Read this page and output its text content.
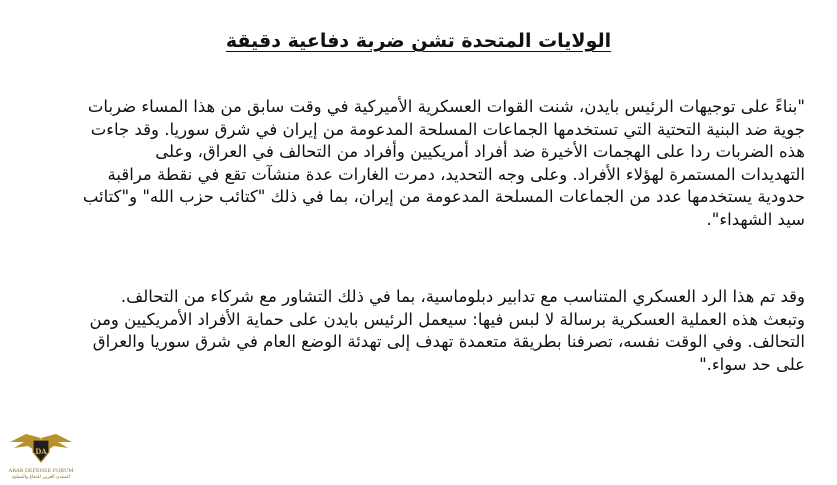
الولايات المتحدة تشن ضربة دفاعية دقيقة
"بناءً على توجيهات الرئيس بايدن، شنت القوات العسكرية الأميركية في وقت سابق من هذا المساء ضربات
جوية ضد البنية التحتية التي تستخدمها الجماعات المسلحة المدعومة من إيران في شرق سوريا. وقد جاءت
هذه الضربات ردا على الهجمات الأخيرة ضد أفراد أمريكيين وأفراد من التحالف في العراق، وعلى
التهديدات المستمرة لهؤلاء الأفراد. وعلى وجه التحديد، دمرت الغارات عدة منشآت تقع في نقطة مراقبة
حدودية يستخدمها عدد من الجماعات المسلحة المدعومة من إيران، بما في ذلك "كتائب حزب الله" و"كتائب
سيد الشهداء".
وقد تم هذا الرد العسكري المتناسب مع تدابير دبلوماسية، بما في ذلك التشاور مع شركاء من التحالف.
وتبعث هذه العملية العسكرية برسالة لا لبس فيها: سيعمل الرئيس بايدن على حماية الأفراد الأمريكيين ومن
التحالف. وفي الوقت نفسه، تصرفنا بطريقة متعمدة تهدف إلى تهدئة الوضع العام في شرق سوريا والعراق
على حد سواء."
DA
ARAB DEFENSE FORUM
المنتدى العربي للدفاع والتسليح
